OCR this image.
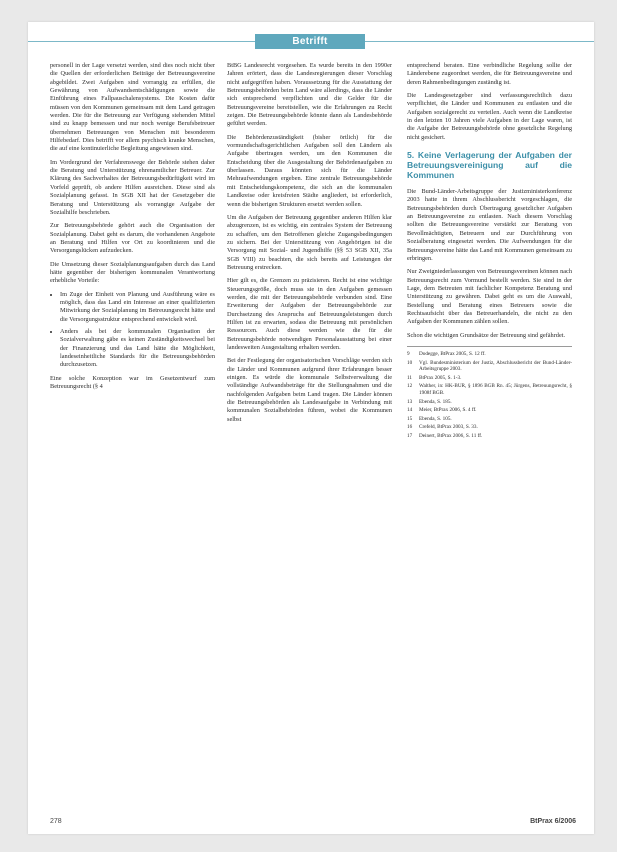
Betrifft

personell in der Lage versetzt werden, sind dies noch nicht über die Quellen der erforderlichen Beiträge der Betreuungsvereine abgebildet. Zwei Aufgaben sind vorrangig zu erfüllen, die Gewährung von Aufwandsentschädigungen sowie die Einführung eines Fallpauschalensystems. Die Kosten dafür müssen von den Kommunen gemeinsam mit dem Land getragen werden. Die für die Betreuung zur Verfügung stehenden Mittel sind zu knapp bemessen und nur noch wenige Berufsbetreuer übernehmen Betreuungen von Menschen mit besonderem Hilfebedarf. Dies betrifft vor allem psychisch kranke Menschen, die auf eine kontinuierliche Begleitung angewiesen sind.

Im Vordergrund der Verfahrenswege der Behörde stehen daher die Beratung und Unterstützung ehrenamtlicher Betreuer. Zur Klärung des Sachverhaltes der Betreuungsbedürftigkeit wird im Vorfeld geprüft, ob andere Hilfen ausreichen. Diese sind als Sozialplanung gefasst. In SGB XII hat der Gesetzgeber die Beratung und Unterstützung als vorrangige Aufgabe der Sozialhilfe beschrieben.

Zur Betreuungsbehörde gehört auch die Organisation der Sozialplanung. Dabei geht es darum, die vorhandenen Angebote an Beratung und Hilfen vor Ort zu koordinieren und die Versorgungslücken aufzudecken.

Die Umsetzung dieser Sozialplanungsaufgaben durch das Land hätte gegenüber der bisherigen kommunalen Verantwortung erhebliche Vorteile:

• Im Zuge der Einheit von Planung und Ausführung wäre es möglich, dass das Land ein Interesse an einer qualifizierten Mitwirkung der Sozialplanung im Betreuungsrecht hätte und die Versorgungsstruktur entsprechend entwickelt wird.
• Anders als bei der kommunalen Organisation der Sozialverwaltung gäbe es keinen Zuständigkeitswechsel bei der Finanzierung und das Land hätte die Möglichkeit, landeseinheitliche Standards für die Betreuungsbehörden durchzusetzen.

Eine solche Konzeption war im Gesetzentwurf zum Betreuungsrecht (§ 4

BtBG Landesrecht vorgesehen. Es wurde bereits in den 1990er Jahren erörtert, dass die Landesregierungen dieser Vorschlag nicht aufgegriffen haben. Voraussetzung für die Ausstattung der Betreuungsbehörden beim Land wäre allerdings, dass die Länder sich entsprechend verpflichten und die Gelder für die Betreuungsvereine bereitstellen, wie die Erfahrungen zu Recht zeigen. Die Betreuungsbehörde könnte dann als Landesbehörde geführt werden.

Die Behördenzuständigkeit (bisher örtlich) für die vormundschaftsgerichtlichen Aufgaben soll den Ländern als Aufgabe übertragen werden, um den Kommunen die Entscheidung über die Ausgestaltung der Behördenaufgaben zu überlassen. Daraus könnten sich für die Länder Mehraufwendungen ergeben. Eine zentrale Betreuungsbehörde mit Entscheidungskompetenz, die sich an die kommunalen Landkreise oder kreisfreien Städte angliedert, ist erforderlich, wenn die bisherigen Strukturen ersetzt werden sollen.

Um die Aufgaben der Betreuung gegenüber anderen Hilfen klar abzugrenzen, ist es wichtig, ein zentrales System der Betreuung zu schaffen, um den Betroffenen gleiche Zugangsbedingungen zu sichern. Bei der Unterstützung von Angehörigen ist die Versorgung mit Sozial- und Jugendhilfe (§§ 53 SGB XII, 35a SGB VIII) zu beachten, die sich bereits auf Leistungen der Betreuung erstrecken.

Hier gilt es, die Grenzen zu präzisieren. Recht ist eine wichtige Steuerungsgröße, doch muss sie in den Aufgaben gemessen werden, die mit der Betreuungsbehörde verbunden sind. Eine Erweiterung der Aufgaben der Betreuungsbehörde zur Durchsetzung des Anspruchs auf Betreuungsleistungen durch Hilfen ist zu erwarten, sodass die Betreuung mit persönlichen Ressourcen. Auch diese werden wie die für die Betreuungsbehörde notwendigen Personalausstattung bei einer landesweiten Ausgestaltung erhalten werden.

Bei der Festlegung der organisatorischen Vorschläge werden sich die Länder und Kommunen aufgrund ihrer Erfahrungen besser einigen. Es würde die kommunale Selbstverwaltung die vollständige Aufwandsbeträge für die Stellungnahmen und die nachfolgenden Aufgaben beim Land tragen. Die Länder können die Betreuungsbehörden als Landesaufgabe in Verbindung mit kommunalen Sozialbehörden führen, wobei die Kommunen selbst

entsprechend beraten. Eine verbindliche Regelung sollte der Länderebene zugeordnet werden, die für Betreuungsvereine und deren Rahmenbedingungen zuständig ist.

Die Landesgesetzgeber sind verfassungsrechtlich dazu verpflichtet, die Länder und Kommunen zu entlasten und die Aufgaben sozialgerecht zu verteilen. Auch wenn die Landkreise in den letzten 10 Jahren viele Aufgaben in der Lage waren, ist die Aufgabe der Betreuungsbehörde ohne gesetzliche Regelung nicht gesichert.

5. Keine Verlagerung der Aufgaben der Betreuungsvereinigung auf die Kommunen

Die Bund-Länder-Arbeitsgruppe der Justizministerkonferenz 2003 hatte in ihrem Abschlussbericht vorgeschlagen, die Betreuungsbehörden durch Übertragung gesetzlicher Aufgaben an Betreuungsvereine zu entlasten. Nach diesem Vorschlag sollten die Betreuungsvereine verstärkt zur Beratung von Bevollmächtigten, Betreuern und zur Durchführung von Sozialberatung eingesetzt werden. Die Aufwendungen für die Betreuungsvereine hätte das Land mit Kommunen gemeinsam zu erbringen.

Nur Zweigniederlassungen von Betreuungsvereinen können nach Betreuungsrecht zum Vormund bestellt werden. Sie sind in der Lage, dem Betreuten mit fachlicher Kompetenz Beratung und Unterstützung zu gewähren. Dabei geht es um die Auswahl, Bestellung und Beratung eines Betreuers sowie die Rechtsaufsicht über das Betreuerhandeln, die nicht zu den Aufgaben der Kommunen zählen sollen.

Schon die wichtigen Grundsätze der Betreuung sind gefährdet.

9	Dodegge, BtPrax 2005, S. 12 ff.
10	Vgl. Bundesministerium der Justiz, Abschlussbericht der Bund-Länder-Arbeitsgruppe 2003.
11	BtPrax 2005, S. 1-3.
12	Walther, in: HK-BUR, § 1896 BGB Rn. 45; Jürgens, Betreuungsrecht, § 1908f BGB.
13	Ebenda, S. 185.
14	Meier, BtPrax 2006, S. 4 ff.
15	Ebenda, S. 105.
16	Crefeld, BtPrax 2003, S. 33.
17	Deinert, BtPrax 2006, S. 11 ff.
278	BtPrax 6/2006
